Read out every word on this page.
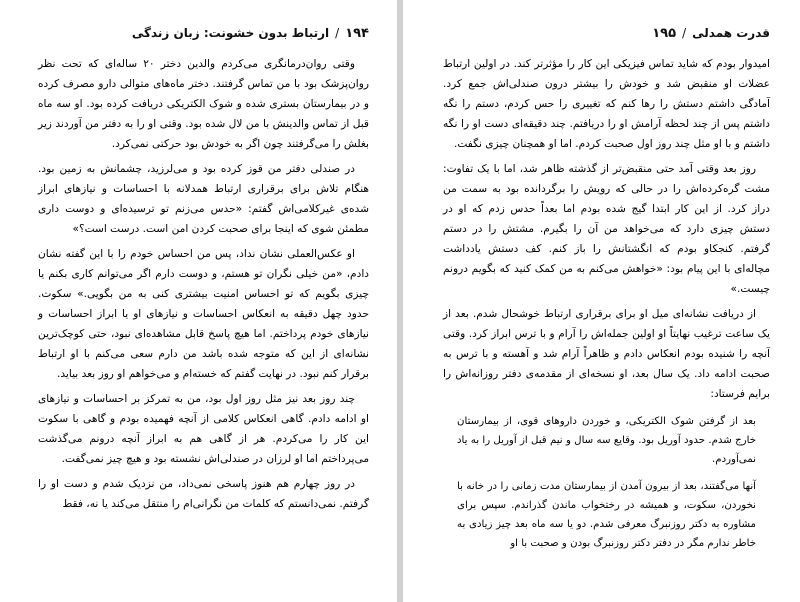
۱۹۴
/
ارتباط بدون خشونت: زبان زندگی

وقتی روان‌درمانگری می‌کردم والدین دختر ۲۰ ساله‌ای که تحت نظر روان‌پزشک بود با من تماس گرفتند. دختر ماه‌های متوالی دارو مصرف کرده و در بیمارستان بستری شده و شوک الکتریکی دریافت کرده بود. او سه ماه قبل از تماس والدینش با من لال شده بود. وقتی او را به دفتر من آوردند زیر بغلش را می‌گرفتند چون اگر به خودش بود حرکتی نمی‌کرد.

در صندلی دفتر من قوز کرده بود و می‌لرزید، چشمانش به زمین بود. هنگام تلاش برای برقراری ارتباط همدلانه با احساسات و نیازهای ابراز شده‌ی غیرکلامی‌اش گفتم: «حدس می‌زنم تو ترسیده‌ای و دوست داری مطمئن شوی که اینجا برای صحبت کردن امن است. درست است؟»

او عکس‌العملی نشان نداد، پس من احساس خودم را با این گفته نشان دادم، «من خیلی نگران تو هستم، و دوست دارم اگر می‌توانم کاری بکنم یا چیزی بگویم که تو احساس امنیت بیشتری کنی به من بگویی.» سکوت. حدود چهل دقیقه به انعکاس احساسات و نیازهای او یا ابراز احساسات و نیازهای خودم پرداختم. اما هیچ پاسخ قابل مشاهده‌ای نبود، حتی کوچک‌ترین نشانه‌ای از این که متوجه شده باشد من دارم سعی می‌کنم با او ارتباط برقرار کنم نبود. در نهایت گفتم که خسته‌ام و می‌خواهم او روز بعد بیاید.

چند روز بعد نیز مثل روز اول بود، من به تمرکز بر احساسات و نیازهای او ادامه دادم. گاهی انعکاس کلامی از آنچه فهمیده بودم و گاهی با سکوت این کار را می‌کردم. هر از گاهی هم به ابراز آنچه درونم می‌گذشت می‌پرداختم اما او لرزان در صندلی‌اش نشسته بود و هیچ چیز نمی‌گفت.

در روز چهارم هم هنوز پاسخی نمی‌داد، من نزدیک شدم و دست او را گرفتم. نمی‌دانستم که کلمات من نگرانی‌ام را منتقل می‌کند یا نه، فقط

قدرت همدلی
/
۱۹۵

امیدوار بودم که شاید تماس فیزیکی این کار را مؤثرتر کند. در اولین ارتباط عضلات او منقبض شد و خودش را بیشتر درون صندلی‌اش جمع کرد. آمادگی داشتم دستش را رها کنم که تغییری را حس کردم، دستم را نگه داشتم پس از چند لحظه آرامش او را دریافتم. چند دقیقه‌ای دست او را نگه داشتم و با او مثل چند روز اول صحبت کردم. اما او همچنان چیزی نگفت.

روز بعد وقتی آمد حتی منقبض‌تر از گذشته ظاهر شد، اما با یک تفاوت: مشت گره‌کرده‌اش را در حالی که رویش را برگردانده بود به سمت من دراز کرد. از این کار ابتدا گیج شده بودم اما بعداً حدس زدم که او در دستش چیزی دارد که می‌خواهد من آن را بگیرم. مشتش را در دستم گرفتم. کنجکاو بودم که انگشتانش را باز کنم. کف دستش یادداشت مچاله‌ای با این پیام بود: «خواهش می‌کنم به من کمک کنید که بگویم درونم چیست.»

از دریافت نشانه‌ای میل او برای برقراری ارتباط خوشحال شدم. بعد از یک ساعت ترغیب نهایتاً او اولین جمله‌اش را آرام و با ترس ابراز کرد. وقتی آنچه را شنیده بودم انعکاس دادم و ظاهراً آرام شد و آهسته و با ترس به صحبت ادامه داد. یک سال بعد، او نسخه‌ای از مقدمه‌ی دفتر روزانه‌اش را برایم فرستاد:

بعد از گرفتن شوک الکتریکی، و خوردن داروهای قوی، از بیمارستان خارج شدم. حدود آوریل بود. وقایع سه سال و نیم قبل از آوریل را به یاد نمی‌آوردم.

آنها می‌گفتند، بعد از بیرون آمدن از بیمارستان مدت زمانی را در خانه با نخوردن، سکوت، و همیشه در رختخواب ماندن گذراندم. سپس برای مشاوره به دکتر روزنبرگ معرفی شدم. دو یا سه ماه بعد چیز زیادی به خاطر ندارم مگر در دفتر دکتر روزنبرگ بودن و صحبت با او
